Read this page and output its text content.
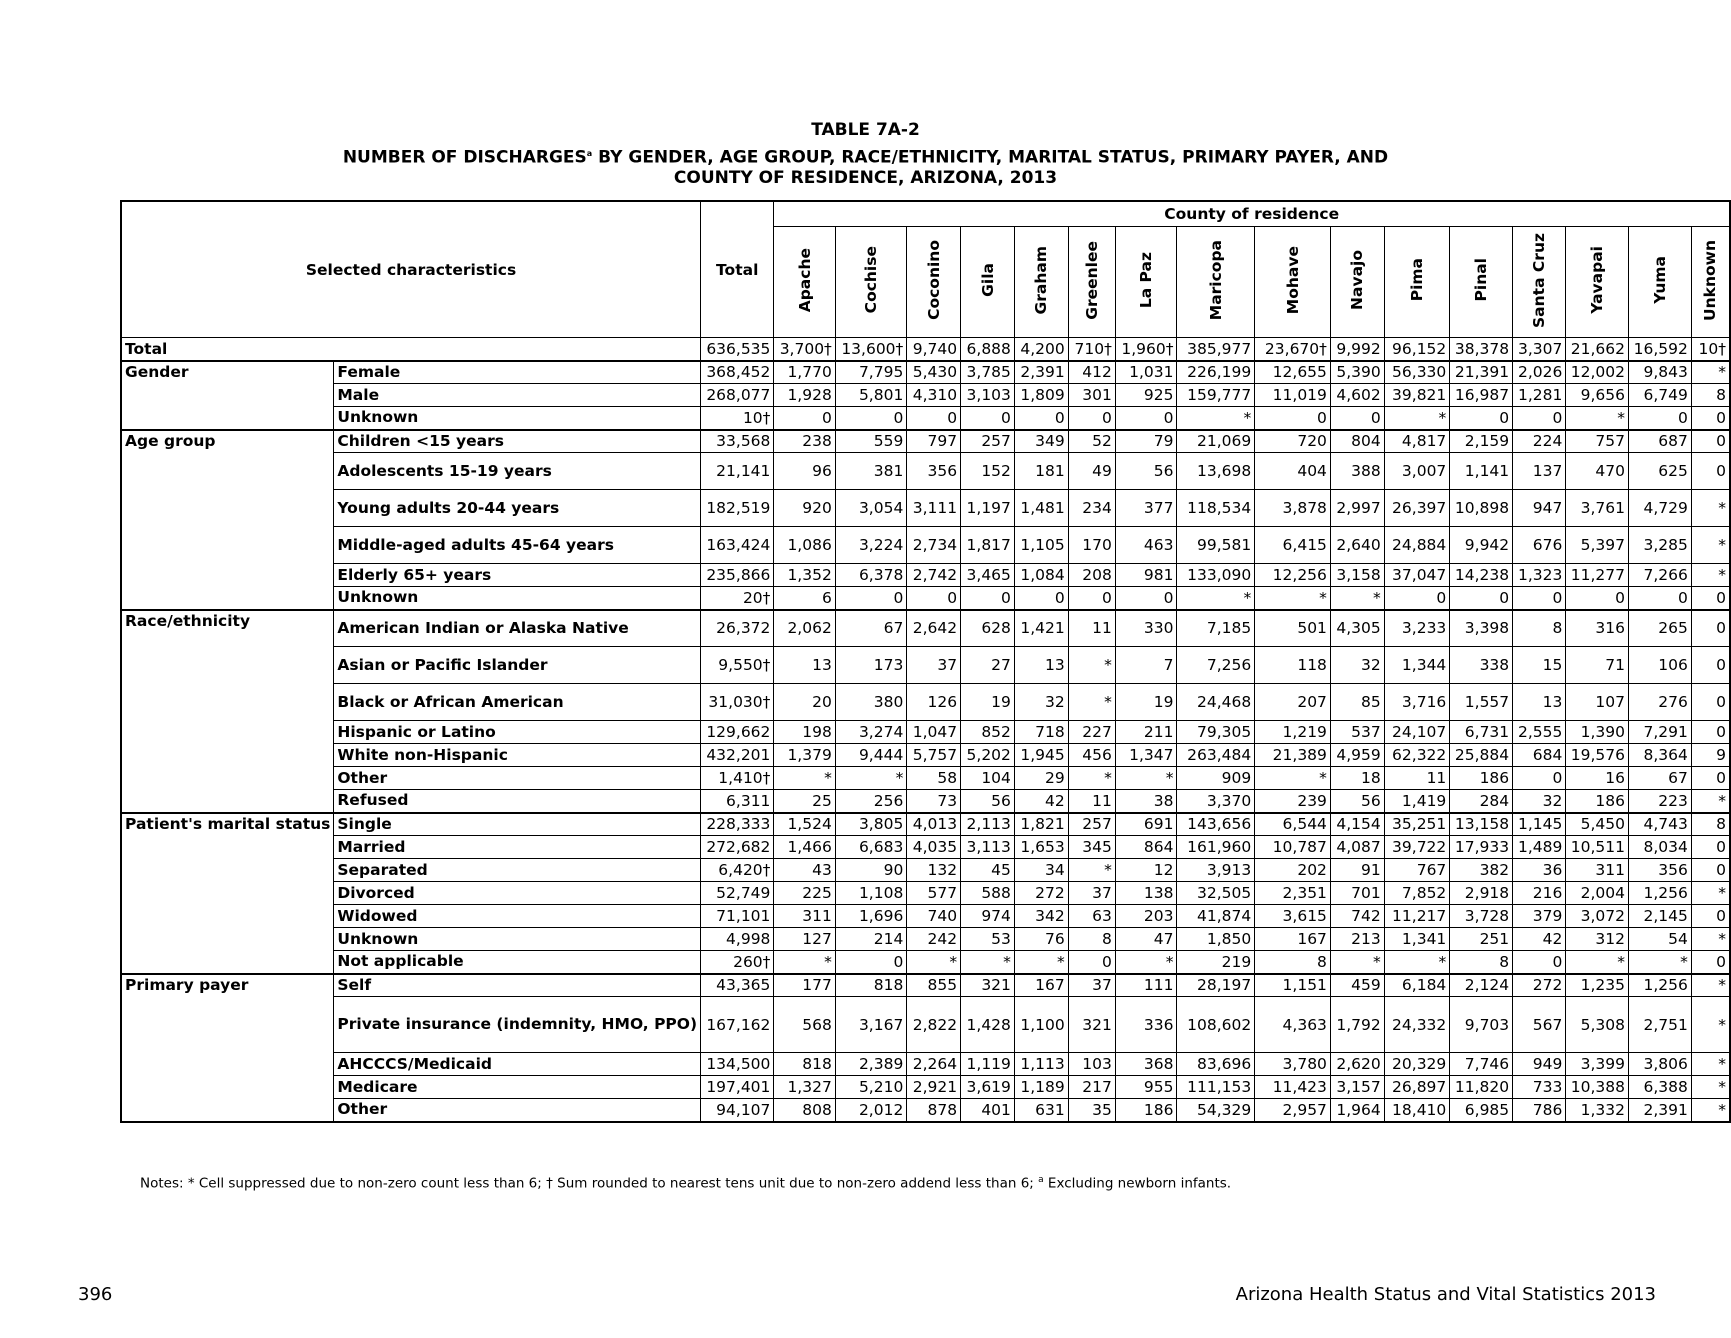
TABLE 7A-2
NUMBER OF DISCHARGES$^a$ BY GENDER, AGE GROUP, RACE/ETHNICITY, MARITAL STATUS, PRIMARY PAYER, AND
COUNTY OF RESIDENCE, ARIZONA, 2013
Selected characteristics		Total	County of residence															
			Apache	Cochise	Coconino	Gila	Graham	Greenlee	La Paz	Maricopa	Mohave	Navajo	Pima	Pinal	Santa Cruz	Yavapai	Yuma	Unknown
Total		636,535	3,700†	13,600†	9,740	6,888	4,200	710†	1,960†	385,977	23,670†	9,992	96,152	38,378	3,307	21,662	16,592	10†
Gender	Female	368,452	1,770	7,795	5,430	3,785	2,391	412	1,031	226,199	12,655	5,390	56,330	21,391	2,026	12,002	9,843	*
	Male	268,077	1,928	5,801	4,310	3,103	1,809	301	925	159,777	11,019	4,602	39,821	16,987	1,281	9,656	6,749	8
	Unknown	10†	0	0	0	0	0	0	0	*	0	0	*	0	0	*	0	0
Age group	Children <15 years	33,568	238	559	797	257	349	52	79	21,069	720	804	4,817	2,159	224	757	687	0
	Adolescents 15-19 years	21,141	96	381	356	152	181	49	56	13,698	404	388	3,007	1,141	137	470	625	0
	Young adults 20-44 years	182,519	920	3,054	3,111	1,197	1,481	234	377	118,534	3,878	2,997	26,397	10,898	947	3,761	4,729	*
	Middle-aged adults 45-64 years	163,424	1,086	3,224	2,734	1,817	1,105	170	463	99,581	6,415	2,640	24,884	9,942	676	5,397	3,285	*
	Elderly 65+ years	235,866	1,352	6,378	2,742	3,465	1,084	208	981	133,090	12,256	3,158	37,047	14,238	1,323	11,277	7,266	*
	Unknown	20†	6	0	0	0	0	0	0	*	*	*	0	0	0	0	0	0
Race/ethnicity	American Indian or Alaska Native	26,372	2,062	67	2,642	628	1,421	11	330	7,185	501	4,305	3,233	3,398	8	316	265	0
	Asian or Pacific Islander	9,550†	13	173	37	27	13	*	7	7,256	118	32	1,344	338	15	71	106	0
	Black or African American	31,030†	20	380	126	19	32	*	19	24,468	207	85	3,716	1,557	13	107	276	0
	Hispanic or Latino	129,662	198	3,274	1,047	852	718	227	211	79,305	1,219	537	24,107	6,731	2,555	1,390	7,291	0
	White non-Hispanic	432,201	1,379	9,444	5,757	5,202	1,945	456	1,347	263,484	21,389	4,959	62,322	25,884	684	19,576	8,364	9
	Other	1,410†	*	*	58	104	29	*	*	909	*	18	11	186	0	16	67	0
	Refused	6,311	25	256	73	56	42	11	38	3,370	239	56	1,419	284	32	186	223	*
Patient's marital status	Single	228,333	1,524	3,805	4,013	2,113	1,821	257	691	143,656	6,544	4,154	35,251	13,158	1,145	5,450	4,743	8
	Married	272,682	1,466	6,683	4,035	3,113	1,653	345	864	161,960	10,787	4,087	39,722	17,933	1,489	10,511	8,034	0
	Separated	6,420†	43	90	132	45	34	*	12	3,913	202	91	767	382	36	311	356	0
	Divorced	52,749	225	1,108	577	588	272	37	138	32,505	2,351	701	7,852	2,918	216	2,004	1,256	*
	Widowed	71,101	311	1,696	740	974	342	63	203	41,874	3,615	742	11,217	3,728	379	3,072	2,145	0
	Unknown	4,998	127	214	242	53	76	8	47	1,850	167	213	1,341	251	42	312	54	*
	Not applicable	260†	*	0	*	*	*	0	*	219	8	*	*	8	0	*	*	0
Primary payer	Self	43,365	177	818	855	321	167	37	111	28,197	1,151	459	6,184	2,124	272	1,235	1,256	*
	Private insurance (indemnity, HMO, PPO)	167,162	568	3,167	2,822	1,428	1,100	321	336	108,602	4,363	1,792	24,332	9,703	567	5,308	2,751	*
	AHCCCS/Medicaid	134,500	818	2,389	2,264	1,119	1,113	103	368	83,696	3,780	2,620	20,329	7,746	949	3,399	3,806	*
	Medicare	197,401	1,327	5,210	2,921	3,619	1,189	217	955	111,153	11,423	3,157	26,897	11,820	733	10,388	6,388	*
	Other	94,107	808	2,012	878	401	631	35	186	54,329	2,957	1,964	18,410	6,985	786	1,332	2,391	*
Notes: * Cell suppressed due to non-zero count less than 6; † Sum rounded to nearest tens unit due to non-zero addend less than 6; $^a$ Excluding newborn infants.
396	Arizona Health Status and Vital Statistics 2013
